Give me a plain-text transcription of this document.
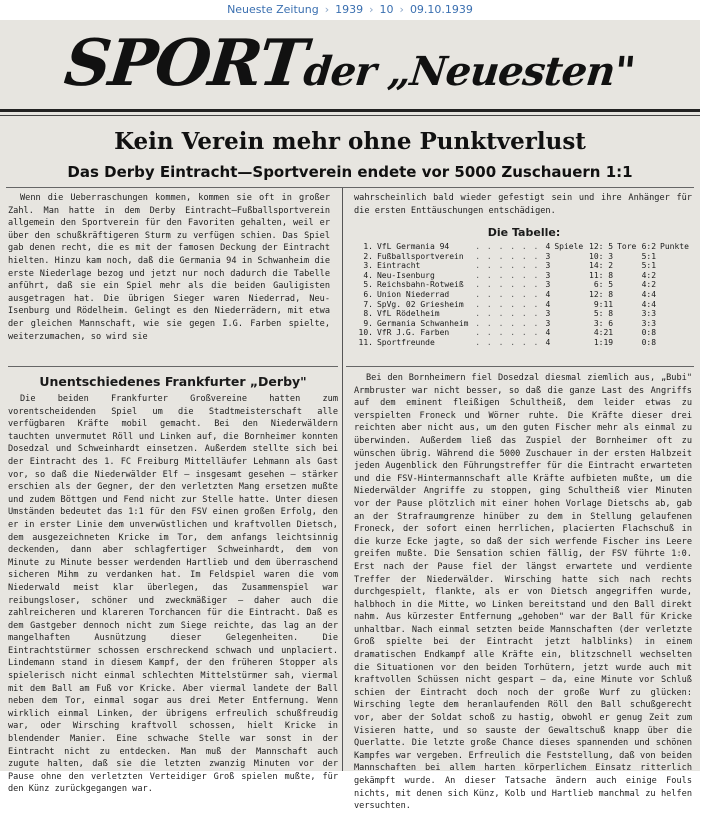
Neueste Zeitung › 1939 › 10 › 09.10.1939
SPORTder „Neuesten"
Kein Verein mehr ohne Punktverlust
Das Derby Eintracht—Sportverein endete vor 5000 Zuschauern 1:1

Wenn die Ueberraschungen kommen, kommen sie oft in großer Zahl. Man hatte in dem Derby Eintracht—Fußballsportverein allgemein den Sportverein für den Favoriten gehalten, weil er über den schußkräftigeren Sturm zu verfügen schien. Das Spiel gab denen recht, die es mit der famosen Deckung der Eintracht hielten. Hinzu kam noch, daß die Germania 94 in Schwanheim die erste Niederlage bezog und jetzt nur noch dadurch die Tabelle anführt, daß sie ein Spiel mehr als die beiden Gauligisten ausgetragen hat. Die übrigen Sieger waren Niederrad, Neu-Isenburg und Rödelheim. Gelingt es den Niederrädern, mit etwa der gleichen Mannschaft, wie sie gegen I.G. Farben spielte, weiterzumachen, so wird sie

wahrscheinlich bald wieder gefestigt sein und ihre Anhänger für die ersten Enttäuschungen entschädigen.

Die Tabelle:
1.	VfL Germania 94	. . . . . .	4	Spiele	12: 5	Tore	6:2	Punkte
2.	Fußballsportverein	. . . . . .	3		10: 3		5:1	
3.	Eintracht	. . . . . .	3		14: 2		5:1	
4.	Neu-Isenburg	. . . . . .	3		11: 8		4:2	
5.	Reichsbahn-Rotweiß	. . . . . .	3		6: 5		4:2	
6.	Union Niederrad	. . . . . .	4		12: 8		4:4	
7.	SpVg. 02 Griesheim	. . . . . .	4		9:11		4:4	
8.	VfL Rödelheim	. . . . . .	3		5: 8		3:3	
9.	Germania Schwanheim	. . . . . .	3		3: 6		3:3	
10.	VfR J.G. Farben	. . . . . .	4		4:21		0:8	
11.	Sportfreunde	. . . . . .	4		1:19		0:8	
Unentschiedenes Frankfurter „Derby"

Die beiden Frankfurter Großvereine hatten zum vorentscheidenden Spiel um die Stadtmeisterschaft alle verfügbaren Kräfte mobil gemacht. Bei den Niederwäldern tauchten unvermutet Röll und Linken auf, die Bornheimer konnten Dosedzal und Schweinhardt einsetzen. Außerdem stellte sich bei der Eintracht des 1. FC Freiburg Mittelläufer Lehmann als Gast vor, so daß die Niederwälder Elf — insgesamt gesehen — stärker erschien als der Gegner, der den verletzten Mang ersetzen mußte und zudem Böttgen und Fend nicht zur Stelle hatte. Unter diesen Umständen bedeutet das 1:1 für den FSV einen großen Erfolg, den er in erster Linie dem unverwüstlichen und kraftvollen Dietsch, dem ausgezeichneten Kricke im Tor, dem anfangs leichtsinnig deckenden, dann aber schlagfertiger Schweinhardt, dem von Minute zu Minute besser werdenden Hartlieb und dem überraschend sicheren Mihm zu verdanken hat. Im Feldspiel waren die vom Niederwald meist klar überlegen, das Zusammenspiel war reibungsloser, schöner und zweckmäßiger — daher auch die zahlreicheren und klareren Torchancen für die Eintracht. Daß es dem Gastgeber dennoch nicht zum Siege reichte, das lag an der mangelhaften Ausnützung dieser Gelegenheiten. Die Eintrachtstürmer schossen erschreckend schwach und unplaciert. Lindemann stand in diesem Kampf, der den früheren Stopper als spielerisch nicht einmal schlechten Mittelstürmer sah, viermal mit dem Ball am Fuß vor Kricke. Aber viermal landete der Ball neben dem Tor, einmal sogar aus drei Meter Entfernung. Wenn wirklich einmal Linken, der übrigens erfreulich schußfreudig war, oder Wirsching kraftvoll schossen, hielt Kricke in blendender Manier. Eine schwache Stelle war sonst in der Eintracht nicht zu entdecken. Man muß der Mannschaft auch zugute halten, daß sie die letzten zwanzig Minuten vor der Pause ohne den verletzten Verteidiger Groß spielen mußte, für den Künz zurückgegangen war.

Bei den Bornheimern fiel Dosedzal diesmal ziemlich aus, „Bubi" Armbruster war nicht besser, so daß die ganze Last des Angriffs auf dem eminent fleißigen Schultheiß, dem leider etwas zu verspielten Froneck und Wörner ruhte. Die Kräfte dieser drei reichten aber nicht aus, um den guten Fischer mehr als einmal zu überwinden. Außerdem ließ das Zuspiel der Bornheimer oft zu wünschen übrig. Während die 5000 Zuschauer in der ersten Halbzeit jeden Augenblick den Führungstreffer für die Eintracht erwarteten und die FSV-Hintermannschaft alle Kräfte aufbieten mußte, um die Niederwälder Angriffe zu stoppen, ging Schultheiß vier Minuten vor der Pause plötzlich mit einer hohen Vorlage Dietschs ab, gab an der Strafraumgrenze hinüber zu dem in Stellung gelaufenen Froneck, der sofort einen herrlichen, placierten Flachschuß in die kurze Ecke jagte, so daß der sich werfende Fischer ins Leere greifen mußte. Die Sensation schien fällig, der FSV führte 1:0. Erst nach der Pause fiel der längst erwartete und verdiente Treffer der Niederwälder. Wirsching hatte sich nach rechts durchgespielt, flankte, als er von Dietsch angegriffen wurde, halbhoch in die Mitte, wo Linken bereitstand und den Ball direkt nahm. Aus kürzester Entfernung „gehoben" war der Ball für Kricke unhaltbar. Nach einmal setzten beide Mannschaften (der verletzte Groß spielte bei der Eintracht jetzt halblinks) in einem dramatischen Endkampf alle Kräfte ein, blitzschnell wechselten die Situationen vor den beiden Torhütern, jetzt wurde auch mit kraftvollen Schüssen nicht gespart — da, eine Minute vor Schluß schien der Eintracht doch noch der große Wurf zu glücken: Wirsching legte dem heranlaufenden Röll den Ball schußgerecht vor, aber der Soldat schoß zu hastig, obwohl er genug Zeit zum Visieren hatte, und so sauste der Gewaltschuß knapp über die Querlatte. Die letzte große Chance dieses spannenden und schönen Kampfes war vergeben. Erfreulich die Feststellung, daß von beiden Mannschaften bei allem harten körperlichem Einsatz ritterlich gekämpft wurde. An dieser Tatsache ändern auch einige Fouls nichts, mit denen sich Künz, Kolb und Hartlieb manchmal zu helfen versuchten.
